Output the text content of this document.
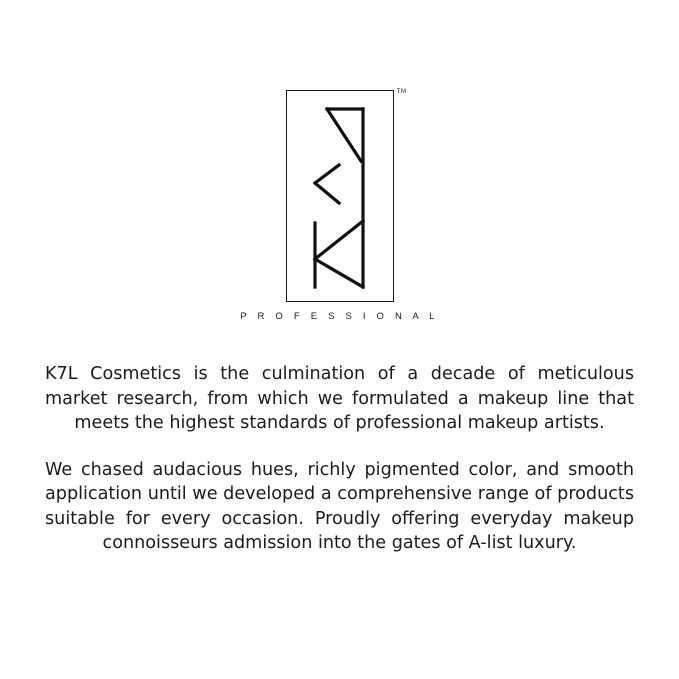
TM
P R O F E S S I O N A L

K7L Cosmetics is the culmination of a decade of meticulous market research, from which we formulated a makeup line that meets the highest standards of professional makeup artists.

We chased audacious hues, richly pigmented color, and smooth application until we developed a comprehensive range of products suitable for every occasion. Proudly offering everyday makeup connoisseurs admission into the gates of A-list luxury.
